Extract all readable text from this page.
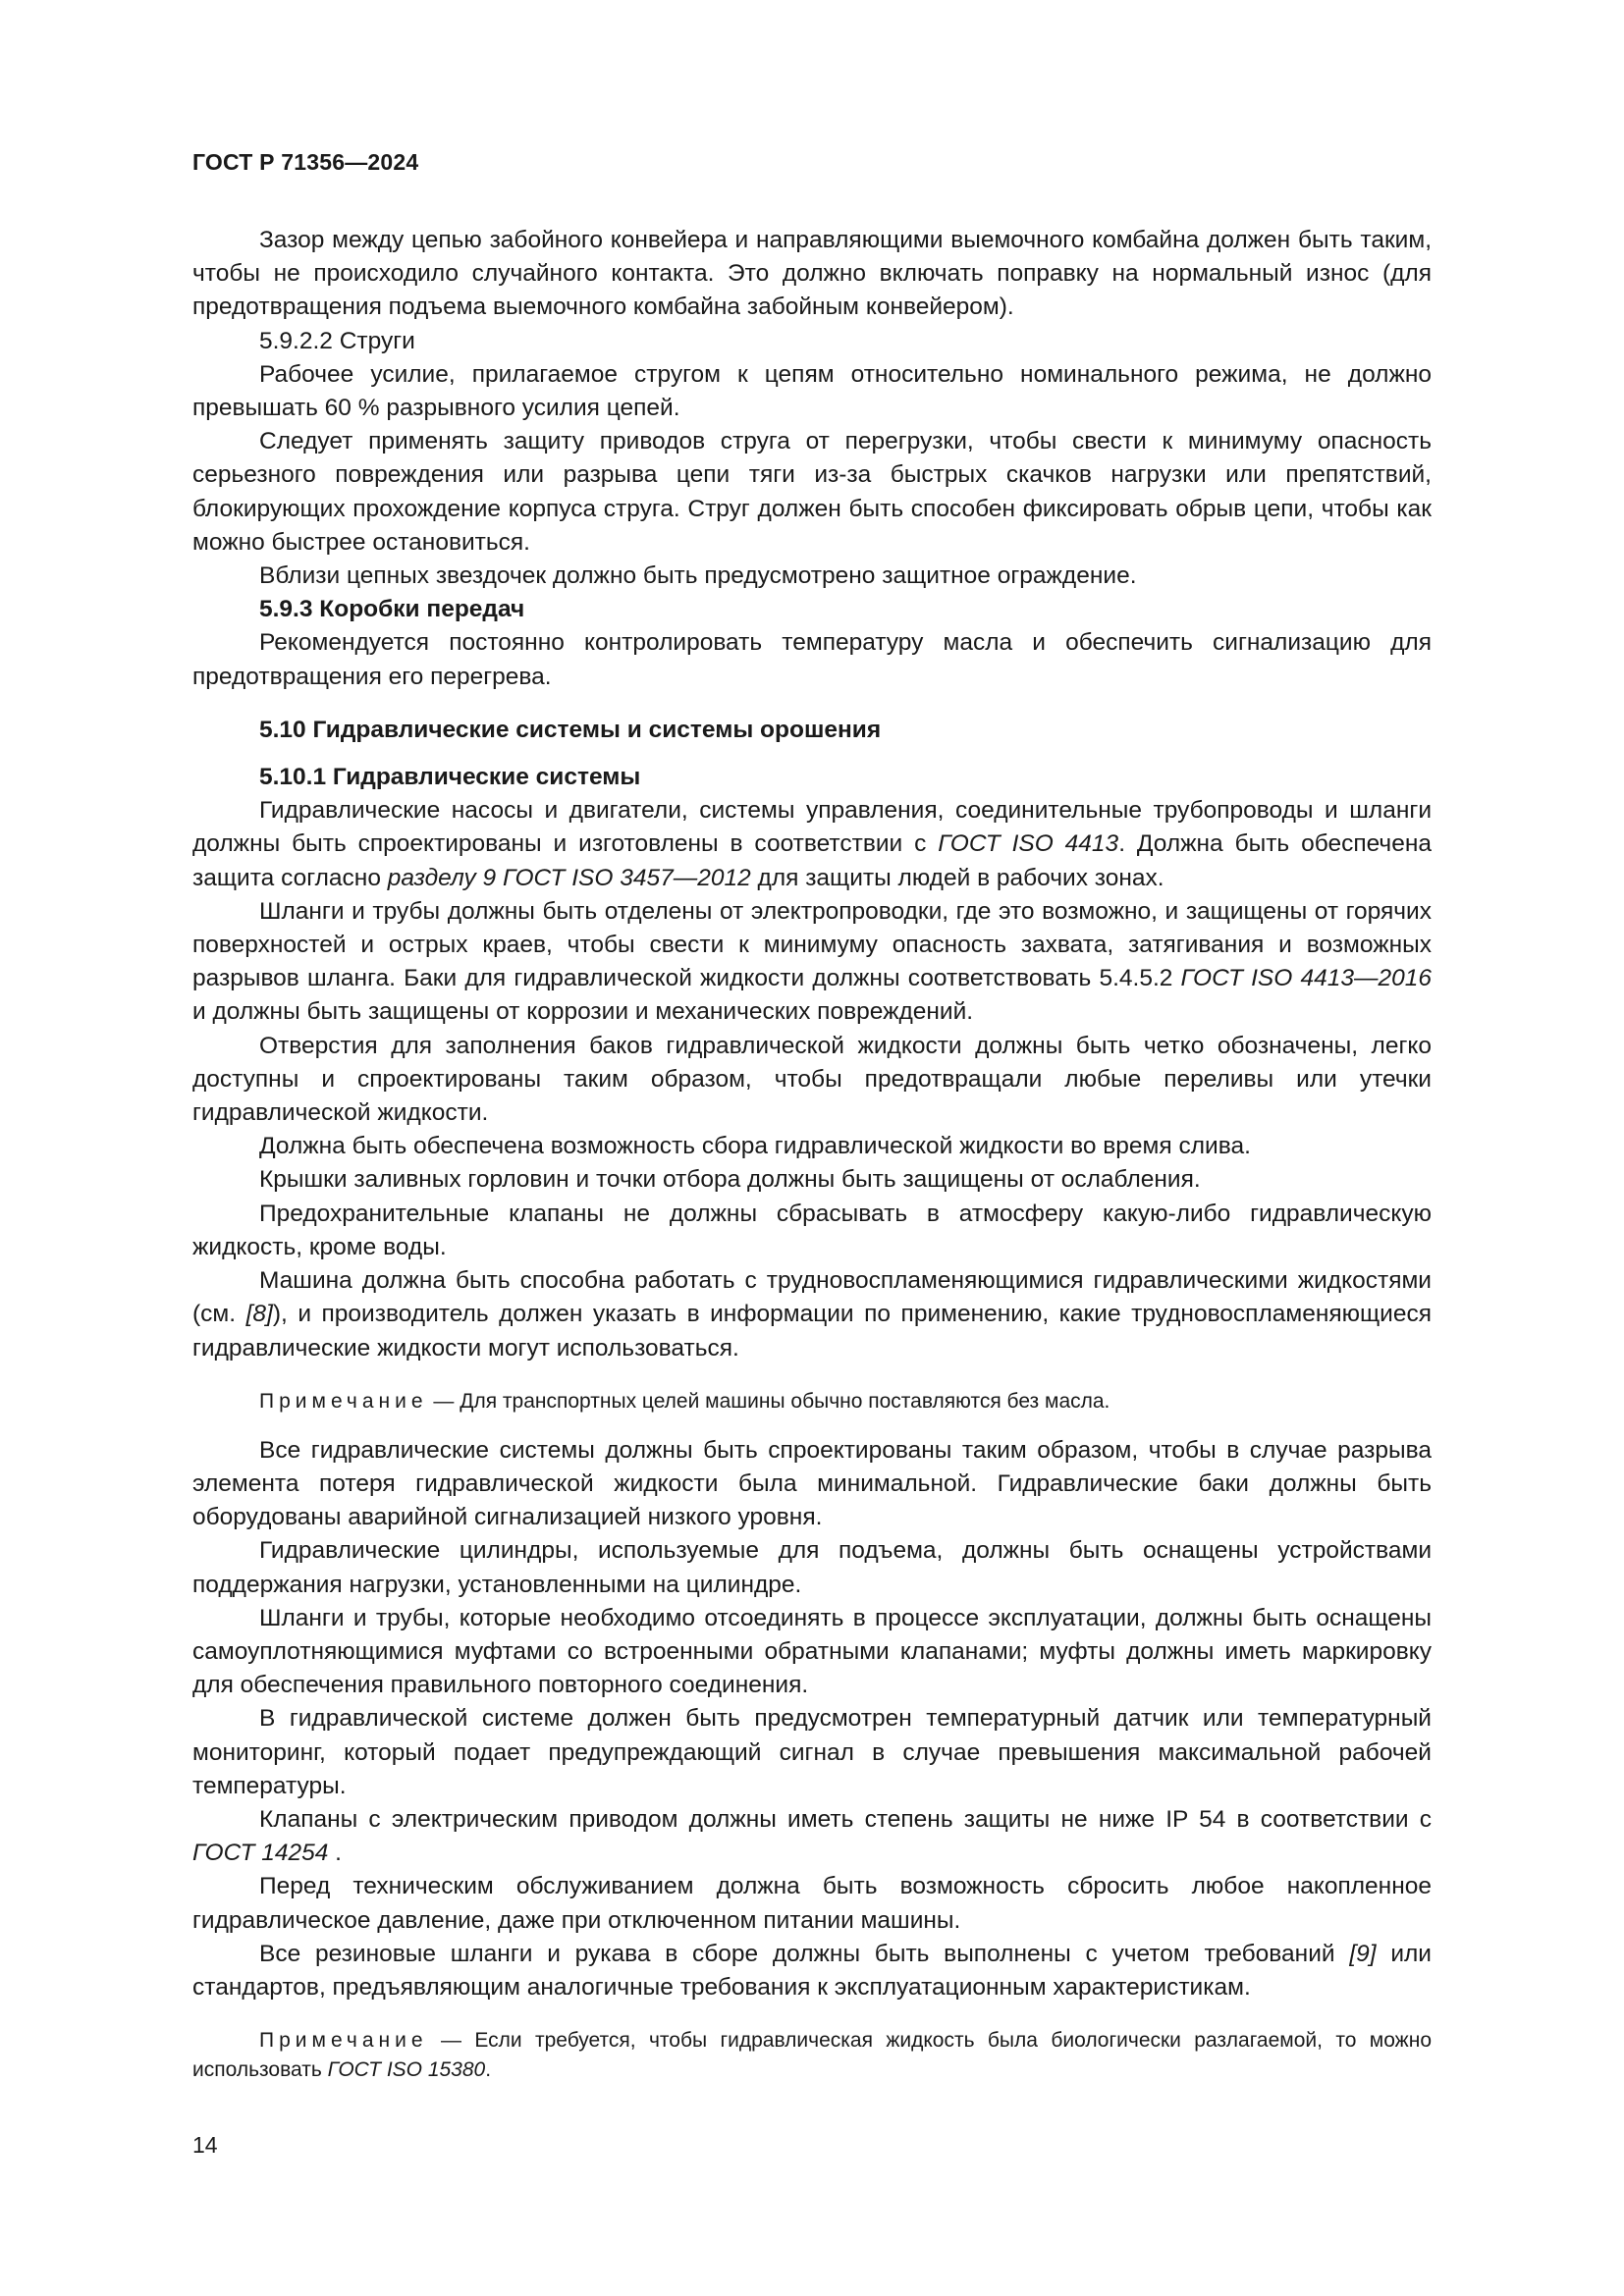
ГОСТ Р 71356—2024
Зазор между цепью забойного конвейера и направляющими выемочного комбайна должен быть таким, чтобы не происходило случайного контакта. Это должно включать поправку на нормальный износ (для предотвращения подъема выемочного комбайна забойным конвейером).
5.9.2.2 Струги
Рабочее усилие, прилагаемое стругом к цепям относительно номинального режима, не должно превышать 60 % разрывного усилия цепей.
Следует применять защиту приводов струга от перегрузки, чтобы свести к минимуму опасность серьезного повреждения или разрыва цепи тяги из-за быстрых скачков нагрузки или препятствий, блокирующих прохождение корпуса струга. Струг должен быть способен фиксировать обрыв цепи, чтобы как можно быстрее остановиться.
Вблизи цепных звездочек должно быть предусмотрено защитное ограждение.
5.9.3 Коробки передач
Рекомендуется постоянно контролировать температуру масла и обеспечить сигнализацию для предотвращения его перегрева.
5.10 Гидравлические системы и системы орошения
5.10.1 Гидравлические системы
Гидравлические насосы и двигатели, системы управления, соединительные трубопроводы и шланги должны быть спроектированы и изготовлены в соответствии с ГОСТ ISO 4413. Должна быть обеспечена защита согласно разделу 9 ГОСТ ISO 3457—2012 для защиты людей в рабочих зонах.
Шланги и трубы должны быть отделены от электропроводки, где это возможно, и защищены от горячих поверхностей и острых краев, чтобы свести к минимуму опасность захвата, затягивания и возможных разрывов шланга. Баки для гидравлической жидкости должны соответствовать 5.4.5.2 ГОСТ ISO 4413—2016 и должны быть защищены от коррозии и механических повреждений.
Отверстия для заполнения баков гидравлической жидкости должны быть четко обозначены, легко доступны и спроектированы таким образом, чтобы предотвращали любые переливы или утечки гидравлической жидкости.
Должна быть обеспечена возможность сбора гидравлической жидкости во время слива.
Крышки заливных горловин и точки отбора должны быть защищены от ослабления.
Предохранительные клапаны не должны сбрасывать в атмосферу какую-либо гидравлическую жидкость, кроме воды.
Машина должна быть способна работать с трудновоспламеняющимися гидравлическими жидкостями (см. [8]), и производитель должен указать в информации по применению, какие трудновоспламеняющиеся гидравлические жидкости могут использоваться.
Примечание — Для транспортных целей машины обычно поставляются без масла.
Все гидравлические системы должны быть спроектированы таким образом, чтобы в случае разрыва элемента потеря гидравлической жидкости была минимальной. Гидравлические баки должны быть оборудованы аварийной сигнализацией низкого уровня.
Гидравлические цилиндры, используемые для подъема, должны быть оснащены устройствами поддержания нагрузки, установленными на цилиндре.
Шланги и трубы, которые необходимо отсоединять в процессе эксплуатации, должны быть оснащены самоуплотняющимися муфтами со встроенными обратными клапанами; муфты должны иметь маркировку для обеспечения правильного повторного соединения.
В гидравлической системе должен быть предусмотрен температурный датчик или температурный мониторинг, который подает предупреждающий сигнал в случае превышения максимальной рабочей температуры.
Клапаны с электрическим приводом должны иметь степень защиты не ниже IP 54 в соответствии с ГОСТ 14254 .
Перед техническим обслуживанием должна быть возможность сбросить любое накопленное гидравлическое давление, даже при отключенном питании машины.
Все резиновые шланги и рукава в сборе должны быть выполнены с учетом требований [9] или стандартов, предъявляющим аналогичные требования к эксплуатационным характеристикам.
Примечание — Если требуется, чтобы гидравлическая жидкость была биологически разлагаемой, то можно использовать ГОСТ ISO 15380.
14
